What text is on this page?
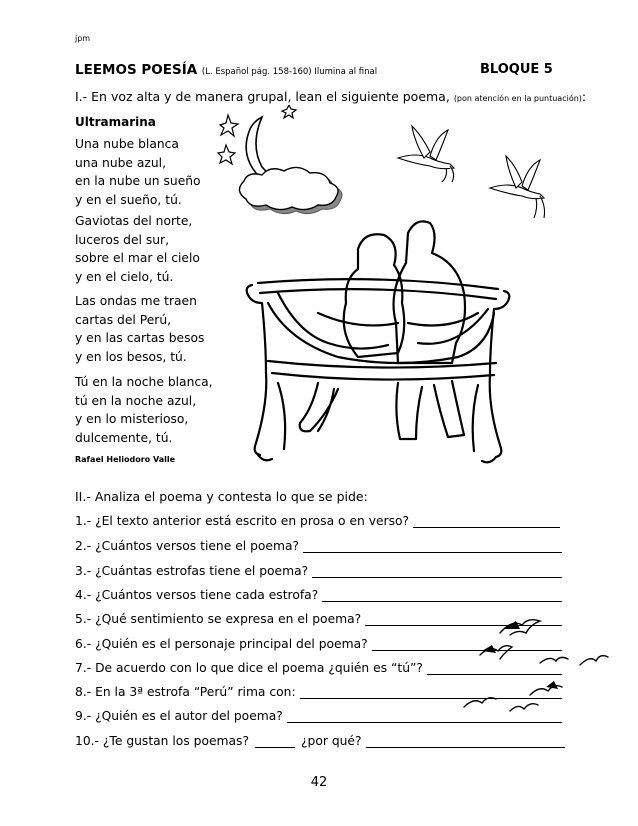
jpm
LEEMOS POESÍA (L. Español pág. 158-160) Ilumina al final	BLOQUE 5
I.- En voz alta y de manera grupal, lean el siguiente poema, (pon atención en la puntuación):
Ultramarina
Una nube blanca
una nube azul,
en la nube un sueño
y en el sueño, tú.
Gaviotas del norte,
luceros del sur,
sobre el mar el cielo
y en el cielo, tú.
Las ondas me traen
cartas del Perú,
y en las cartas besos
y en los besos, tú.
Tú en la noche blanca,
tú en la noche azul,
y en lo misterioso,
dulcemente, tú.
Rafael Heliodoro Valle
II.- Analiza el poema y contesta lo que se pide:
1.- ¿El texto anterior está escrito en prosa o en verso?
2.- ¿Cuántos versos tiene el poema?
3.- ¿Cuántas estrofas tiene el poema?
4.- ¿Cuántos versos tiene cada estrofa?
5.- ¿Qué sentimiento se expresa en el poema?
6.- ¿Quién es el personaje principal del poema?
7.- De acuerdo con lo que dice el poema ¿quién es “tú”?
8.- En la 3ª estrofa “Perú” rima con:
9.- ¿Quién es el autor del poema?
10.- ¿Te gustan los poemas?	¿por qué?
42
